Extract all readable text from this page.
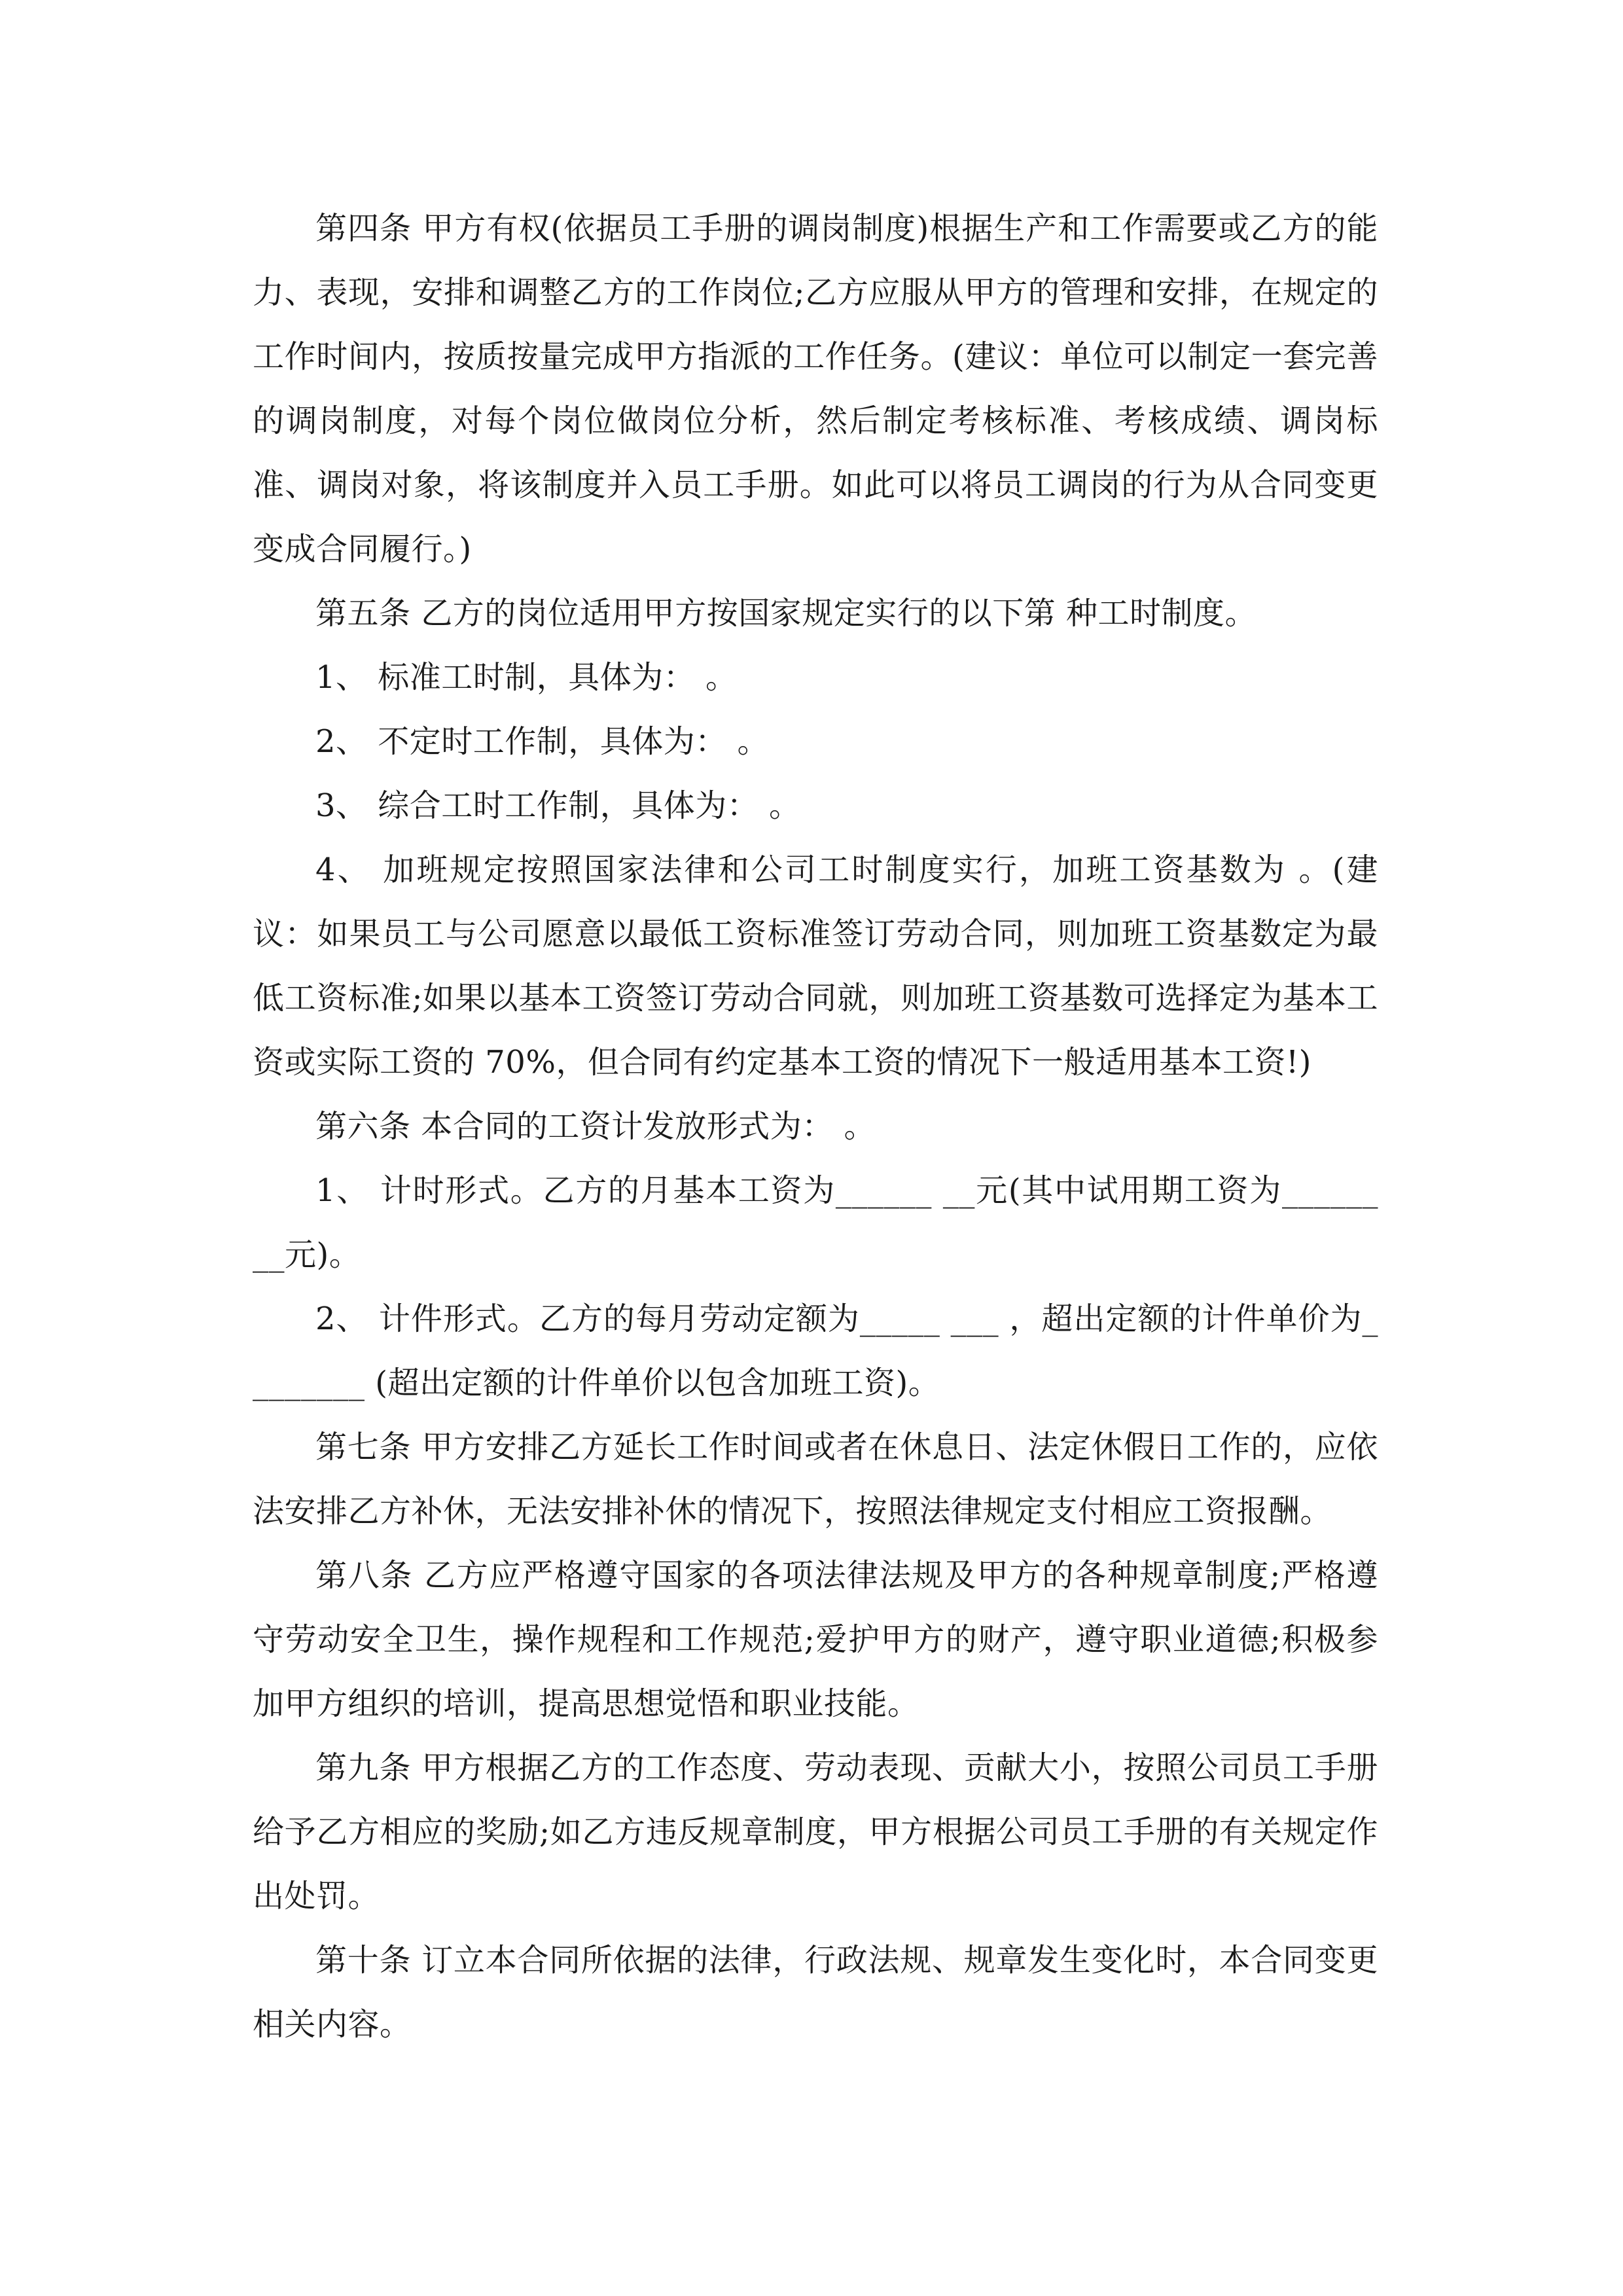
第四条 甲方有权(依据员工手册的调岗制度)根据生产和工作需要或乙方的能力、表现，安排和调整乙方的工作岗位;乙方应服从甲方的管理和安排，在规定的工作时间内，按质按量完成甲方指派的工作任务。(建议：单位可以制定一套完善的调岗制度，对每个岗位做岗位分析，然后制定考核标准、考核成绩、调岗标准、调岗对象，将该制度并入员工手册。如此可以将员工调岗的行为从合同变更变成合同履行。)

第五条 乙方的岗位适用甲方按国家规定实行的以下第 种工时制度。

1、 标准工时制，具体为： 。

2、 不定时工作制，具体为： 。

3、 综合工时工作制，具体为： 。

4、 加班规定按照国家法律和公司工时制度实行，加班工资基数为 。(建议：如果员工与公司愿意以最低工资标准签订劳动合同，则加班工资基数定为最低工资标准;如果以基本工资签订劳动合同就，则加班工资基数可选择定为基本工资或实际工资的 70%，但合同有约定基本工资的情况下一般适用基本工资!)

第六条 本合同的工资计发放形式为： 。

1、 计时形式。乙方的月基本工资为______ __元(其中试用期工资为______ __元)。

2、 计件形式。乙方的每月劳动定额为_____ ___ ，超出定额的计件单价为________ (超出定额的计件单价以包含加班工资)。

第七条 甲方安排乙方延长工作时间或者在休息日、法定休假日工作的，应依法安排乙方补休，无法安排补休的情况下，按照法律规定支付相应工资报酬。

第八条 乙方应严格遵守国家的各项法律法规及甲方的各种规章制度;严格遵守劳动安全卫生，操作规程和工作规范;爱护甲方的财产，遵守职业道德;积极参加甲方组织的培训，提高思想觉悟和职业技能。

第九条 甲方根据乙方的工作态度、劳动表现、贡献大小，按照公司员工手册给予乙方相应的奖励;如乙方违反规章制度，甲方根据公司员工手册的有关规定作出处罚。

第十条 订立本合同所依据的法律，行政法规、规章发生变化时，本合同变更相关内容。
